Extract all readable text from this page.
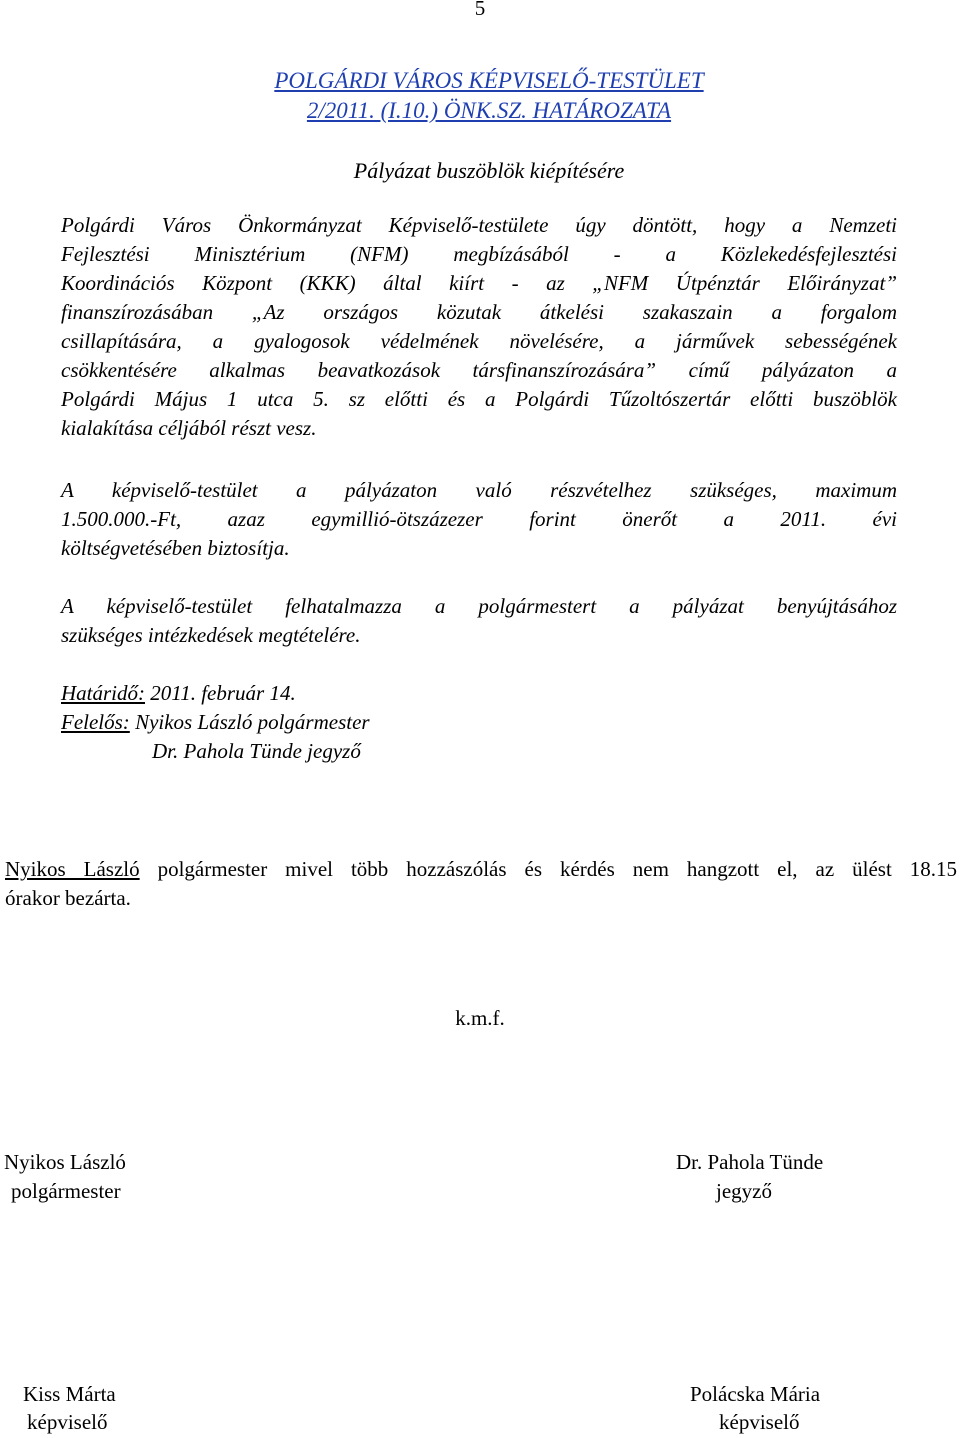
5
POLGÁRDI VÁROS KÉPVISELŐ-TESTÜLET
2/2011. (I.10.) ÖNK.SZ. HATÁROZATA
Pályázat buszöblök kiépítésére
Polgárdi Város Önkormányzat Képviselő-testülete úgy döntött, hogy a Nemzeti
Fejlesztési Minisztérium (NFM) megbízásából - a Közlekedésfejlesztési
Koordinációs Központ (KKK) által kiírt - az „NFM Útpénztár Előirányzat”
finanszírozásában „Az országos közutak átkelési szakaszain a forgalom
csillapítására, a gyalogosok védelmének növelésére, a járművek sebességének
csökkentésére alkalmas beavatkozások társfinanszírozására” című pályázaton a
Polgárdi Május 1 utca 5. sz előtti és a Polgárdi Tűzoltószertár előtti buszöblök
kialakítása céljából részt vesz.
A képviselő-testület a pályázaton való részvételhez szükséges, maximum
1.500.000.-Ft, azaz egymillió-ötszázezer forint önerőt a 2011. évi
költségvetésében biztosítja.
A képviselő-testület felhatalmazza a polgármestert a pályázat benyújtásához
szükséges intézkedések megtételére.
Határidő: 2011. február 14.
Felelős: Nyikos László polgármester
Dr. Pahola Tünde jegyző
Nyikos László polgármester mivel több hozzászólás és kérdés nem hangzott el, az ülést 18.15
órakor bezárta.
k.m.f.
Nyikos László
polgármester
Dr. Pahola Tünde
jegyző
Kiss Márta
képviselő
Polácska Mária
képviselő
